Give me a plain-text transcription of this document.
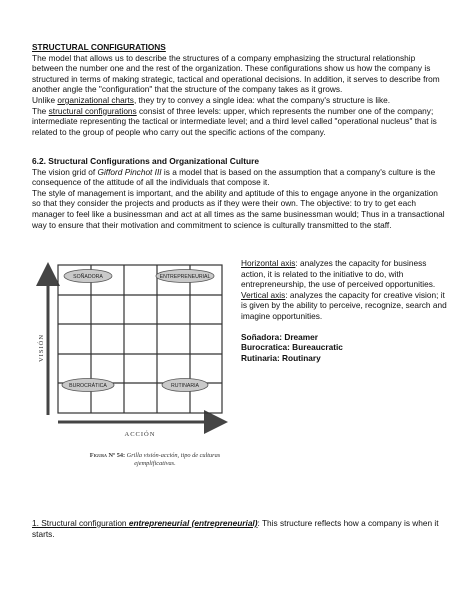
STRUCTURAL CONFIGURATIONS

The model that allows us to describe the structures of a company emphasizing the structural relationship between the number one and the rest of the organization. These configurations show us how the company is structured in terms of making strategic, tactical and operational decisions. In addition, it serves to describe from another angle the "configuration" that the structure of the company takes as it grows.

Unlike organizational charts, they try to convey a single idea: what the company's structure is like.

The structural configurations consist of three levels: upper, which represents the number one of the company; intermediate representing the tactical or intermediate level; and a third level called "operational nucleus" that is related to the group of people who carry out the specific actions of the company.

6.2. Structural Configurations and Organizational Culture

The vision grid of Gifford Pinchot III is a model that is based on the assumption that a company's culture is the consequence of the attitude of all the individuals that compose it.

The style of management is important, and the ability and aptitude of this to engage anyone in the organization so that they consider the projects and products as if they were their own. The objective: to try to get each manager to feel like a businessman and act at all times as the same businessman would; Thus in a transactional way to ensure that their motivation and commitment to science is culturally transmitted to the staff.

VISIÓN
ACCIÓN
SOÑADORA	ENTREPRENEURIAL
BUROCRÁTICA	RUTINARIA
Figura Nº 54: Grilla visión-acción, tipo de culturas ejemplificativas.

Horizontal axis: analyzes the capacity for business action, it is related to the initiative to do, with entrepreneurship, the use of perceived opportunities.

Vertical axis: analyzes the capacity for creative vision; it is given by the ability to perceive, recognize, search and imagine opportunities.

Soñadora: Dreamer

Burocratica: Bureaucratic

Rutinaria: Routinary

1. Structural configuration entrepreneurial (entrepreneurial): This structure reflects how a company is when it starts.
